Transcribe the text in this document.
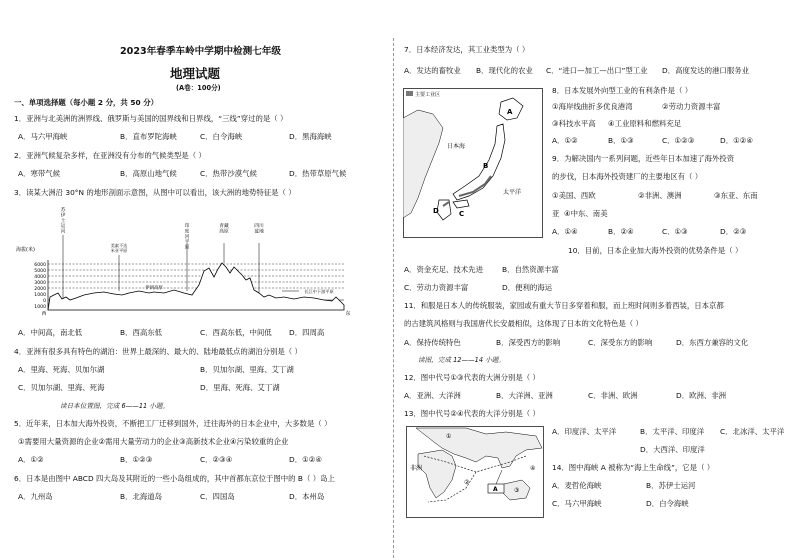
2023年春季车岭中学期中检测七年级
地理试题
(A卷：100分)
一、单项选择题（每小题 2 分，共 50 分）
1．亚洲与北美洲的洲界线、俄罗斯与美国的国界线和日界线，“三线”穿过的是（ ）
A．马六甲海峡	B．直布罗陀海峡	C．白令海峡	D．黑海海峡
2．亚洲气候复杂多样，在亚洲没有分布的气候类型是（ ）
A．寒带气候	B．高原山地气候	C．热带沙漠气候	D．热带草原气候
3．读某大洲沿 30°N 的地形剖面示意图，从图中可以看出，该大洲的地势特征是（ ）
海拔(米)
6000
5000
4000
3000
2000
1000
0
1000
苏伊士运河
美索不达米亚平原
伊朗高原
印度河平原
青藏高原
四川盆地
长江中下游平原
西	东
A．中间高，南北低	B．西高东低	C．西高东低，中间低 D．四周高
4．亚洲有很多具有特色的湖泊：世界上最深的、最大的、陆地最低点的湖泊分别是（ ）
A．里海、死海、贝加尔湖	B．贝加尔湖、里海、艾丁湖
C．贝加尔湖、里海、死海	D．里海、死海、艾丁湖
读日本位置图，完成 6——11 小题。
5．近年来，日本加大海外投资，不断把工厂迁移到国外，迁往海外的日本企业中，大多数是（ ）
①需要用大量资源的企业②需用大量劳动力的企业③高新技术企业④污染较重的企业
A．①②	B．①②③	C．②③④	D．①②④
6．日本是由图中 ABCD 四大岛及其附近的一些小岛组成的，其中首都东京位于图中的 B（ ）岛上
A．九州岛	B．北海道岛	C．四国岛	D．本州岛
7．日本经济发达，其工业类型为（ ）
A．发达的畜牧业 B．现代化的农业 C．“进口—加工—出口”型工业 D．高度发达的港口服务业
主要工业区
A
B
C
D
日本海
太平洋
8．日本发展外向型工业的有利条件是（ ）
①海岸线曲折多优良港湾	②劳动力资源丰富
③科技水平高 ④工业原料和燃料充足
A．①②	B．①③	C．①②③	D．①②④
9．为解决国内一系列问题，近些年日本加速了海外投资
的步伐，日本海外投资建厂的主要地区有（ ）
①美国、西欧	②非洲、澳洲	③东亚、东南
亚 ④中东、南美
A．①④	B．②④	C．①③	D．②③
10．目前，日本企业加大海外投资的优势条件是（ ）
A．资金充足、技术先进	B．自然资源丰富
C．劳动力资源丰富	D．便利的海运
11．和服是日本人的传统服装，家园或有重大节日多穿着和服，而上班时间则多着西装，日本京都
的古建筑风格则与我国唐代长安最相似，这体现了日本的文化特色是（ ）
A．保持传统特色	B．深受西方的影响	C．深受东方的影响	D．东西方兼容的文化
读图，完成 12——14 小题。
12．图中代号①③代表的大洲分别是（ ）
A．亚洲、大洋洲	B．大洋洲、亚洲	C．非洲、欧洲	D．欧洲、非洲
13．图中代号②④代表的大洋分别是（ ）
非洲
①
②
③
④
A
A．印度洋、太平洋	B．太平洋、印度洋 C．北冰洋、太平洋
D．大西洋、印度洋
14．图中海峡 A 被称为“海上生命线”，它是（ ）
A．麦哲伦海峡	B．苏伊士运河
C．马六甲海峡	D．白令海峡
